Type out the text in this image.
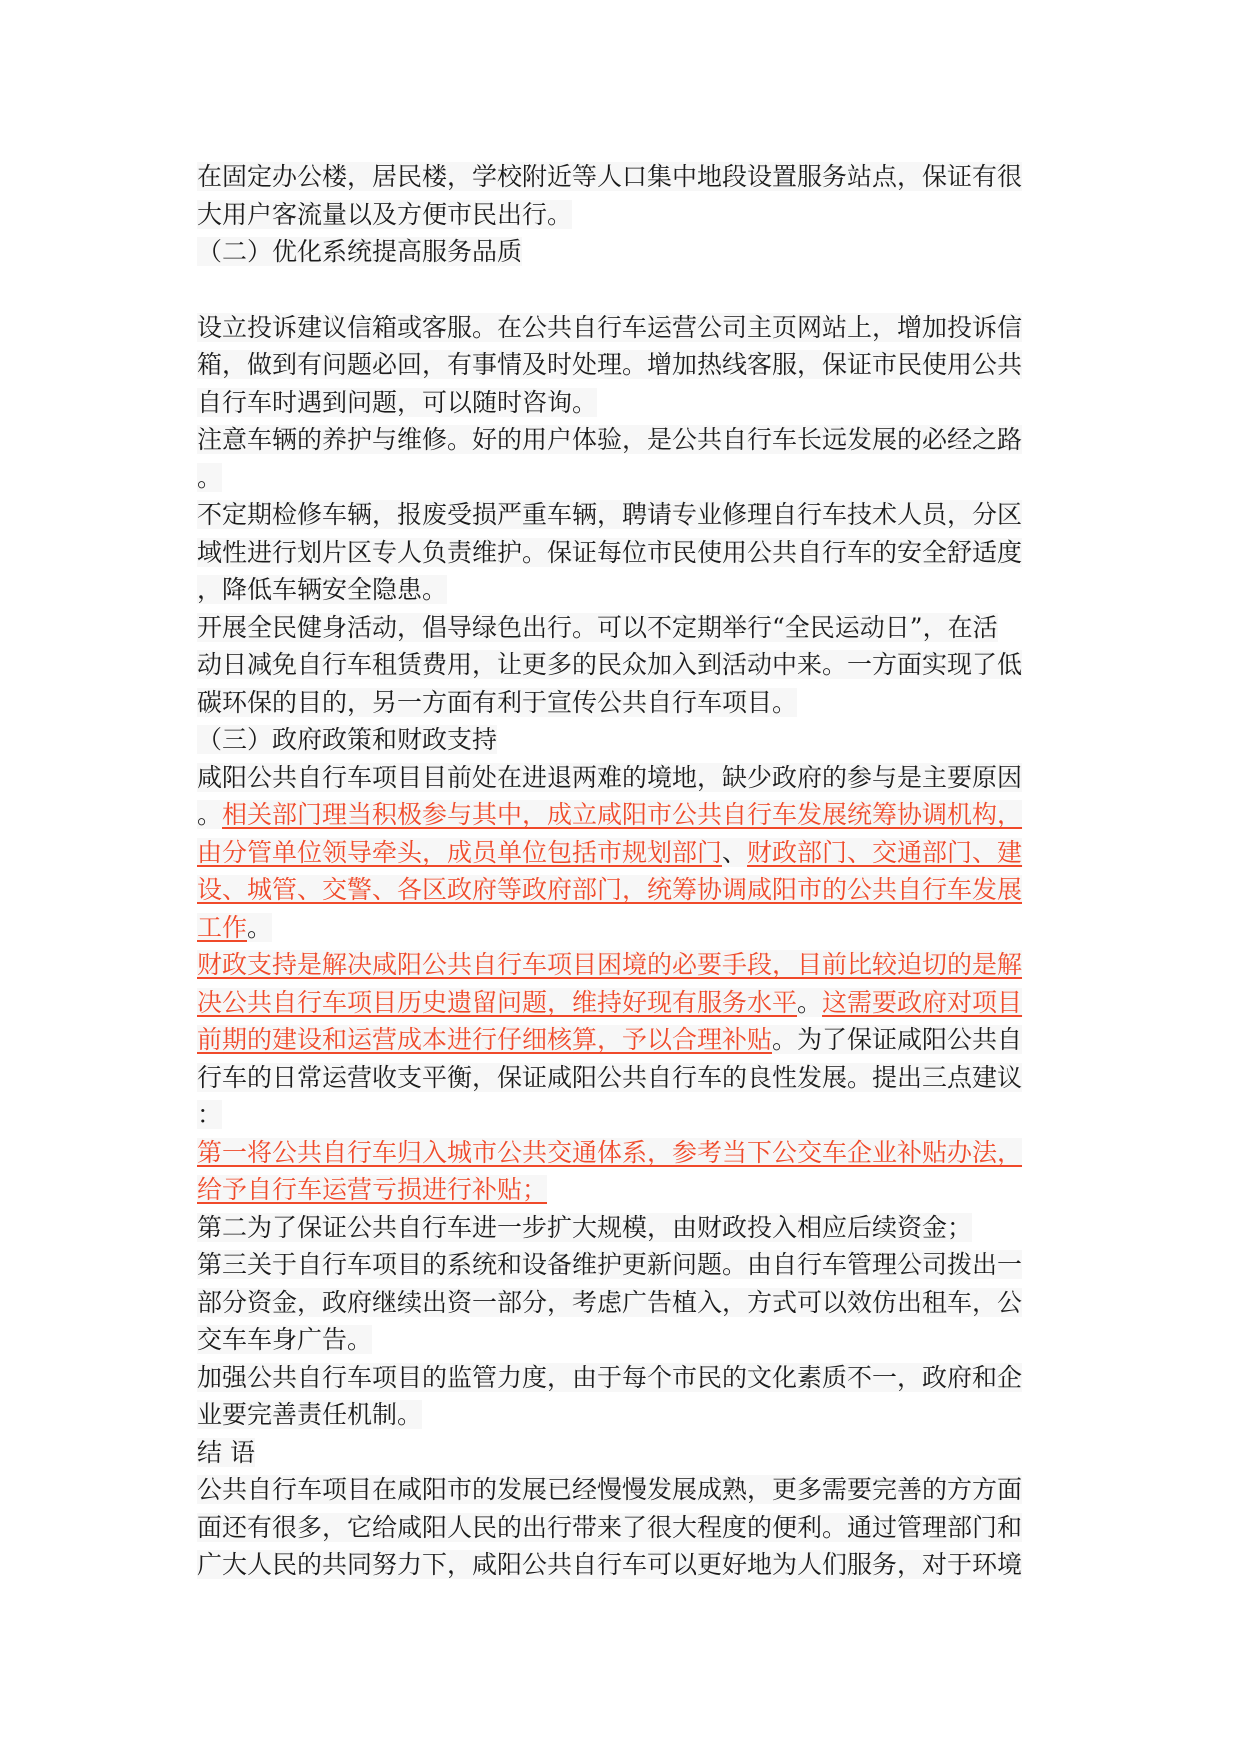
在固定办公楼，居民楼，学校附近等人口集中地段设置服务站点，保证有很
大用户客流量以及方便市民出行。
（二）优化系统提高服务品质
设立投诉建议信箱或客服。在公共自行车运营公司主页网站上，增加投诉信
箱，做到有问题必回，有事情及时处理。增加热线客服，保证市民使用公共
自行车时遇到问题，可以随时咨询。
注意车辆的养护与维修。好的用户体验，是公共自行车长远发展的必经之路
。
不定期检修车辆，报废受损严重车辆，聘请专业修理自行车技术人员，分区
域性进行划片区专人负责维护。保证每位市民使用公共自行车的安全舒适度
，降低车辆安全隐患。
开展全民健身活动，倡导绿色出行。可以不定期举行“全民运动日”，在活
动日减免自行车租赁费用，让更多的民众加入到活动中来。一方面实现了低
碳环保的目的，另一方面有利于宣传公共自行车项目。
（三）政府政策和财政支持
咸阳公共自行车项目目前处在进退两难的境地，缺少政府的参与是主要原因
。相关部门理当积极参与其中，成立咸阳市公共自行车发展统筹协调机构，
由分管单位领导牵头，成员单位包括市规划部门、财政部门、交通部门、建
设、城管、交警、各区政府等政府部门，统筹协调咸阳市的公共自行车发展
工作。
财政支持是解决咸阳公共自行车项目困境的必要手段，目前比较迫切的是解
决公共自行车项目历史遗留问题，维持好现有服务水平。这需要政府对项目
前期的建设和运营成本进行仔细核算，予以合理补贴。为了保证咸阳公共自
行车的日常运营收支平衡，保证咸阳公共自行车的良性发展。提出三点建议
：
第一将公共自行车归入城市公共交通体系，参考当下公交车企业补贴办法，
给予自行车运营亏损进行补贴；
第二为了保证公共自行车进一步扩大规模，由财政投入相应后续资金；
第三关于自行车项目的系统和设备维护更新问题。由自行车管理公司拨出一
部分资金，政府继续出资一部分，考虑广告植入，方式可以效仿出租车，公
交车车身广告。
加强公共自行车项目的监管力度，由于每个市民的文化素质不一，政府和企
业要完善责任机制。
结 语
公共自行车项目在咸阳市的发展已经慢慢发展成熟，更多需要完善的方方面
面还有很多，它给咸阳人民的出行带来了很大程度的便利。通过管理部门和
广大人民的共同努力下，咸阳公共自行车可以更好地为人们服务，对于环境
